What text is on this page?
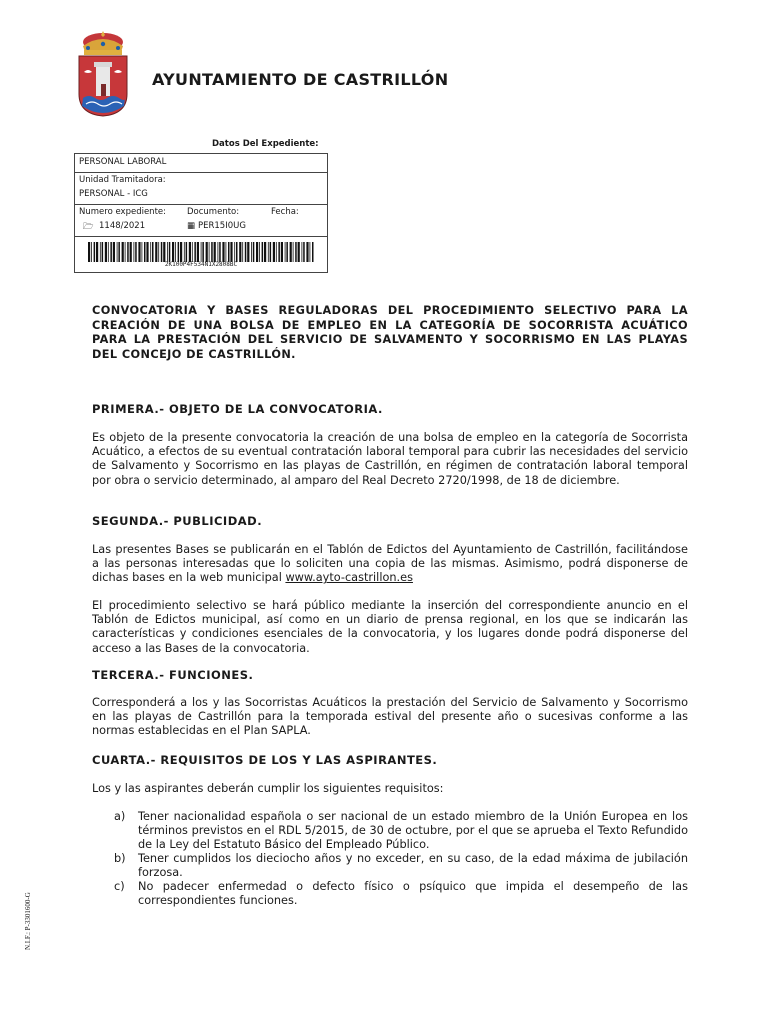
AYUNTAMIENTO DE CASTRILLÓN
Datos Del Expediente:
PERSONAL LABORAL
Unidad Tramitadora:
PERSONAL - ICG
Numero expediente: Documento:	Fecha:
🗁 1148/2021	▦ PER15I0UG
2K100P4F534N1X2808BC
CONVOCATORIA Y BASES REGULADORAS DEL PROCEDIMIENTO SELECTIVO PARA LA CREACIÓN DE UNA BOLSA DE EMPLEO EN LA CATEGORÍA DE SOCORRISTA ACUÁTICO PARA LA PRESTACIÓN DEL SERVICIO DE SALVAMENTO Y SOCORRISMO EN LAS PLAYAS DEL CONCEJO DE CASTRILLÓN.
PRIMERA.- OBJETO DE LA CONVOCATORIA.

Es objeto de la presente convocatoria la creación de una bolsa de empleo en la categoría de Socorrista Acuático, a efectos de su eventual contratación laboral temporal para cubrir las necesidades del servicio de Salvamento y Socorrismo en las playas de Castrillón, en régimen de contratación laboral temporal por obra o servicio determinado, al amparo del Real Decreto 2720/1998, de 18 de diciembre.

SEGUNDA.- PUBLICIDAD.

Las presentes Bases se publicarán en el Tablón de Edictos del Ayuntamiento de Castrillón, facilitándose a las personas interesadas que lo soliciten una copia de las mismas. Asimismo, podrá disponerse de dichas bases en la web municipal www.ayto-castrillon.es

El procedimiento selectivo se hará público mediante la inserción del correspondiente anuncio en el Tablón de Edictos municipal, así como en un diario de prensa regional, en los que se indicarán las características y condiciones esenciales de la convocatoria, y los lugares donde podrá disponerse del acceso a las Bases de la convocatoria.

TERCERA.- FUNCIONES.

Corresponderá a los y las Socorristas Acuáticos la prestación del Servicio de Salvamento y Socorrismo en las playas de Castrillón para la temporada estival del presente año o sucesivas conforme a las normas establecidas en el Plan SAPLA.

CUARTA.- REQUISITOS DE LOS Y LAS ASPIRANTES.

Los y las aspirantes deberán cumplir los siguientes requisitos:

a) Tener nacionalidad española o ser nacional de un estado miembro de la Unión Europea en los términos previstos en el RDL 5/2015, de 30 de octubre, por el que se aprueba el Texto Refundido de la Ley del Estatuto Básico del Empleado Público.
b) Tener cumplidos los dieciocho años y no exceder, en su caso, de la edad máxima de jubilación forzosa.
c) No padecer enfermedad o defecto físico o psíquico que impida el desempeño de las correspondientes funciones.
N.I.F.: P-3301600-G
